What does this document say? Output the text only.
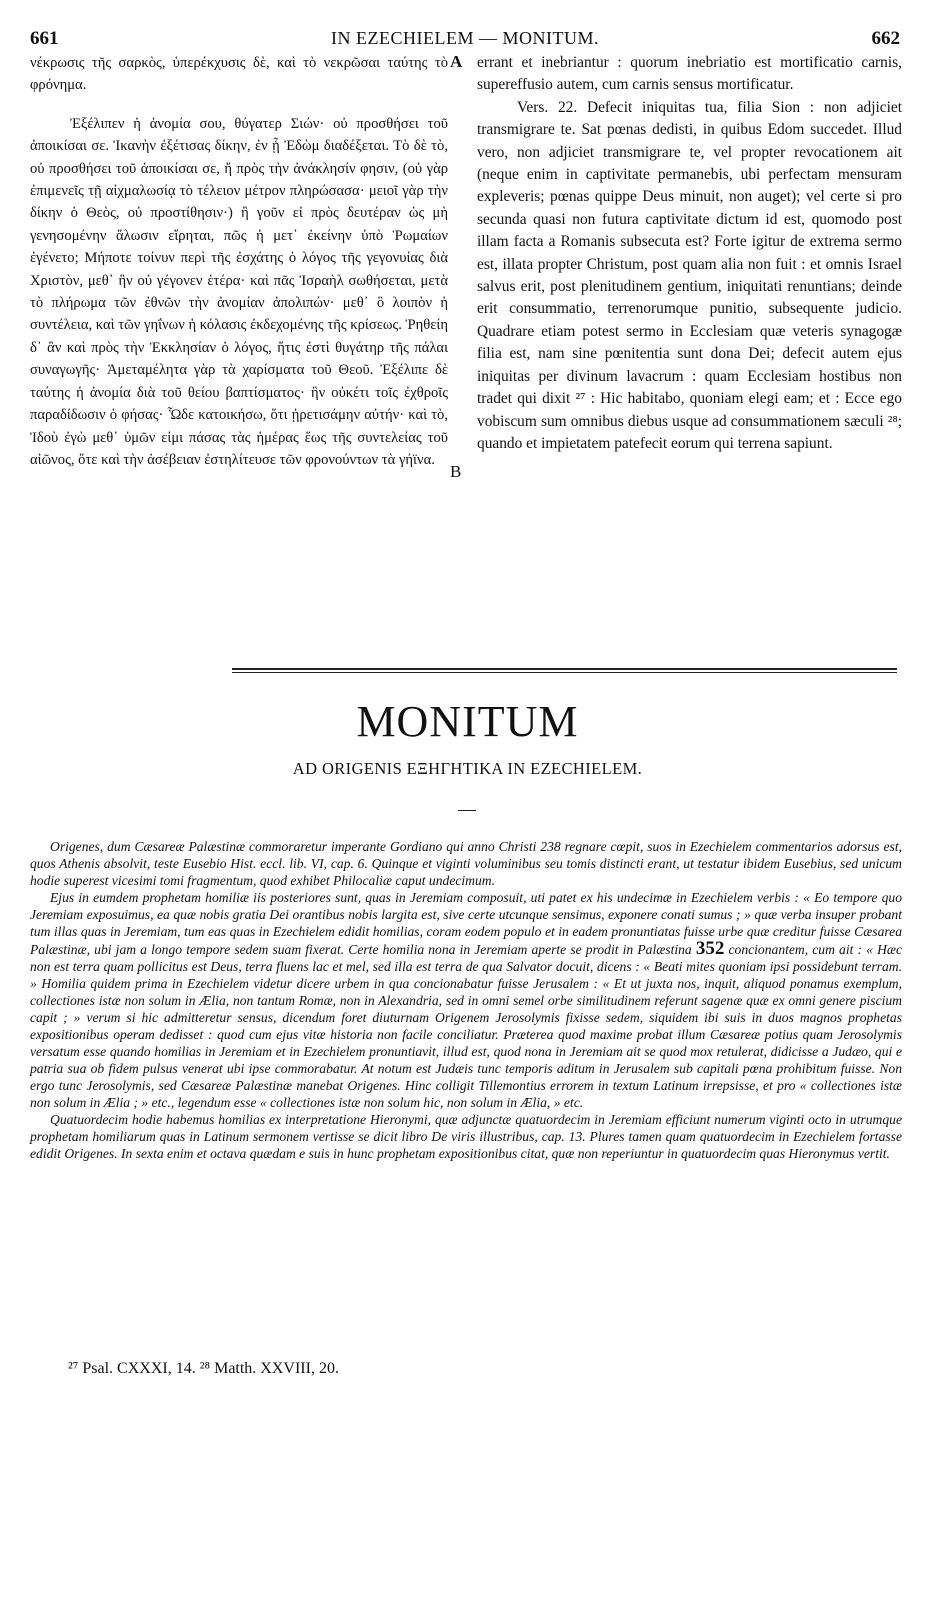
661	IN EZECHIELEM — MONITUM.	662

νέκρωσις τῆς σαρκὸς, ὑπερέκχυσις δὲ, καὶ τὸ νεκρῶσαι ταύτης τὸ φρόνημα.

Ἐξέλιπεν ἡ ἀνομία σου, θύγατερ Σιών· οὐ προσθήσει τοῦ ἀποικίσαι σε. Ἱκανὴν ἐξέτισας δίκην, ἐν ᾗ Ἐδὼμ διαδέξεται. Τὸ δὲ τὸ, οὐ προσθήσει τοῦ ἀποικίσαι σε, ἤ πρὸς τὴν ἀνάκλησίν φησιν, (οὐ γὰρ ἐπιμενεῖς τῇ αἰχμαλωσίᾳ τὸ τέλειον μέτρον πληρώσασα· μειοῖ γὰρ τὴν δίκην ὁ Θεὸς, οὐ προστίθησιν·) ἢ γοῦν εἰ πρὸς δευτέραν ὡς μὴ γενησομένην ἅλωσιν εἴρηται, πῶς ἡ μετ᾽ ἐκείνην ὑπὸ Ῥωμαίων ἐγένετο; Μήποτε τοίνυν περὶ τῆς ἐσχάτης ὁ λόγος τῆς γεγονυίας διὰ Χριστὸν, μεθ᾽ ἣν οὐ γέγονεν ἑτέρα· καὶ πᾶς Ἰσραὴλ σωθήσεται, μετὰ τὸ πλήρωμα τῶν ἐθνῶν τὴν ἀνομίαν ἀπολιπών· μεθ᾽ ὃ λοιπὸν ἡ συντέλεια, καὶ τῶν γηΐνων ἡ κόλασις ἐκδεχομένης τῆς κρίσεως. Ῥηθείη δ᾽ ἂν καὶ πρὸς τὴν Ἐκκλησίαν ὁ λόγος, ἥτις ἐστὶ θυγάτηρ τῆς πάλαι συναγωγῆς· Ἀμεταμέλητα γὰρ τὰ χαρίσματα τοῦ Θεοῦ. Ἐξέλιπε δὲ ταύτης ἡ ἀνομία διὰ τοῦ θείου βαπτίσματος· ἣν οὐκέτι τοῖς ἐχθροῖς παραδίδωσιν ὁ φήσας· Ὧδε κατοικήσω, ὅτι ᾑρετισάμην αὐτήν· καὶ τὸ, Ἰδοὺ ἐγὼ μεθ᾽ ὑμῶν εἰμι πάσας τὰς ἡμέρας ἕως τῆς συντελείας τοῦ αἰῶνος, ὅτε καὶ τὴν ἀσέβειαν ἐστηλίτευσε τῶν φρονούντων τὰ γήϊνα.

A
B

errant et inebriantur : quorum inebriatio est mortificatio carnis, supereffusio autem, cum carnis sensus mortificatur.

Vers. 22. Defecit iniquitas tua, filia Sion : non adjiciet transmigrare te. Sat pœnas dedisti, in quibus Edom succedet. Illud vero, non adjiciet transmigrare te, vel propter revocationem ait (neque enim in captivitate permanebis, ubi perfectam mensuram expleveris; pœnas quippe Deus minuit, non auget); vel certe si pro secunda quasi non futura captivitate dictum id est, quomodo post illam facta a Romanis subsecuta est? Forte igitur de extrema sermo est, illata propter Christum, post quam alia non fuit : et omnis Israel salvus erit, post plenitudinem gentium, iniquitati renuntians; deinde erit consummatio, terrenorumque punitio, subsequente judicio. Quadrare etiam potest sermo in Ecclesiam quæ veteris synagogæ filia est, nam sine pœnitentia sunt dona Dei; defecit autem ejus iniquitas per divinum lavacrum : quam Ecclesiam hostibus non tradet qui dixit ²⁷ : Hic habitabo, quoniam elegi eam; et : Ecce ego vobiscum sum omnibus diebus usque ad consummationem sæculi ²⁸; quando et impietatem patefecit eorum qui terrena sapiunt.

MONITUM
AD ORIGENIS ΕΞΗΓΗΤΙΚΑ IN EZECHIELEM.

Origenes, dum Cæsareæ Palæstinæ commoraretur imperante Gordiano qui anno Christi 238 regnare cœpit, suos in Ezechielem commentarios adorsus est, quos Athenis absolvit, teste Eusebio Hist. eccl. lib. VI, cap. 6. Quinque et viginti voluminibus seu tomis distincti erant, ut testatur ibidem Eusebius, sed unicum hodie superest vicesimi tomi fragmentum, quod exhibet Philocaliæ caput undecimum.

Ejus in eumdem prophetam homiliæ iis posteriores sunt, quas in Jeremiam composuit, uti patet ex his undecimæ in Ezechielem verbis : « Eo tempore quo Jeremiam exposuimus, ea quæ nobis gratia Dei orantibus nobis largita est, sive certe utcunque sensimus, exponere conati sumus ; » quæ verba insuper probant tum illas quas in Jeremiam, tum eas quas in Ezechielem edidit homilias, coram eodem populo et in eadem pronuntiatas fuisse urbe quæ creditur fuisse Cæsarea Palæstinæ, ubi jam a longo tempore sedem suam fixerat. Certe homilia nona in Jeremiam aperte se prodit in Palæstina 352 concionantem, cum ait : « Hæc non est terra quam pollicitus est Deus, terra fluens lac et mel, sed illa est terra de qua Salvator docuit, dicens : « Beati mites quoniam ipsi possidebunt terram. » Homilia quidem prima in Ezechielem videtur dicere urbem in qua concionabatur fuisse Jerusalem : « Et ut juxta nos, inquit, aliquod ponamus exemplum, collectiones istæ non solum in Ælia, non tantum Romæ, non in Alexandria, sed in omni semel orbe similitudinem referunt sagenæ quæ ex omni genere piscium capit ; » verum si hic admitteretur sensus, dicendum foret diuturnam Origenem Jerosolymis fixisse sedem, siquidem ibi suis in duos magnos prophetas expositionibus operam dedisset : quod cum ejus vitæ historia non facile conciliatur. Præterea quod maxime probat illum Cæsareæ potius quam Jerosolymis versatum esse quando homilias in Jeremiam et in Ezechielem pronuntiavit, illud est, quod nona in Jeremiam ait se quod mox retulerat, didicisse a Judæo, qui e patria sua ob fidem pulsus venerat ubi ipse commorabatur. At notum est Judæis tunc temporis aditum in Jerusalem sub capitali pœna prohibitum fuisse. Non ergo tunc Jerosolymis, sed Cæsareæ Palæstinæ manebat Origenes. Hinc colligit Tillemontius errorem in textum Latinum irrepsisse, et pro « collectiones istæ non solum in Ælia ; » etc., legendum esse « collectiones istæ non solum hic, non solum in Ælia, » etc.

Quatuordecim hodie habemus homilias ex interpretatione Hieronymi, quæ adjunctæ quatuordecim in Jeremiam efficiunt numerum viginti octo in utrumque prophetam homiliarum quas in Latinum sermonem vertisse se dicit libro De viris illustribus, cap. 13. Plures tamen quam quatuordecim in Ezechielem fortasse edidit Origenes. In sexta enim et octava quædam e suis in hunc prophetam expositionibus citat, quæ non reperiuntur in quatuordecim quas Hieronymus vertit.

²⁷ Psal. CXXXI, 14. ²⁸ Matth. XXVIII, 20.
